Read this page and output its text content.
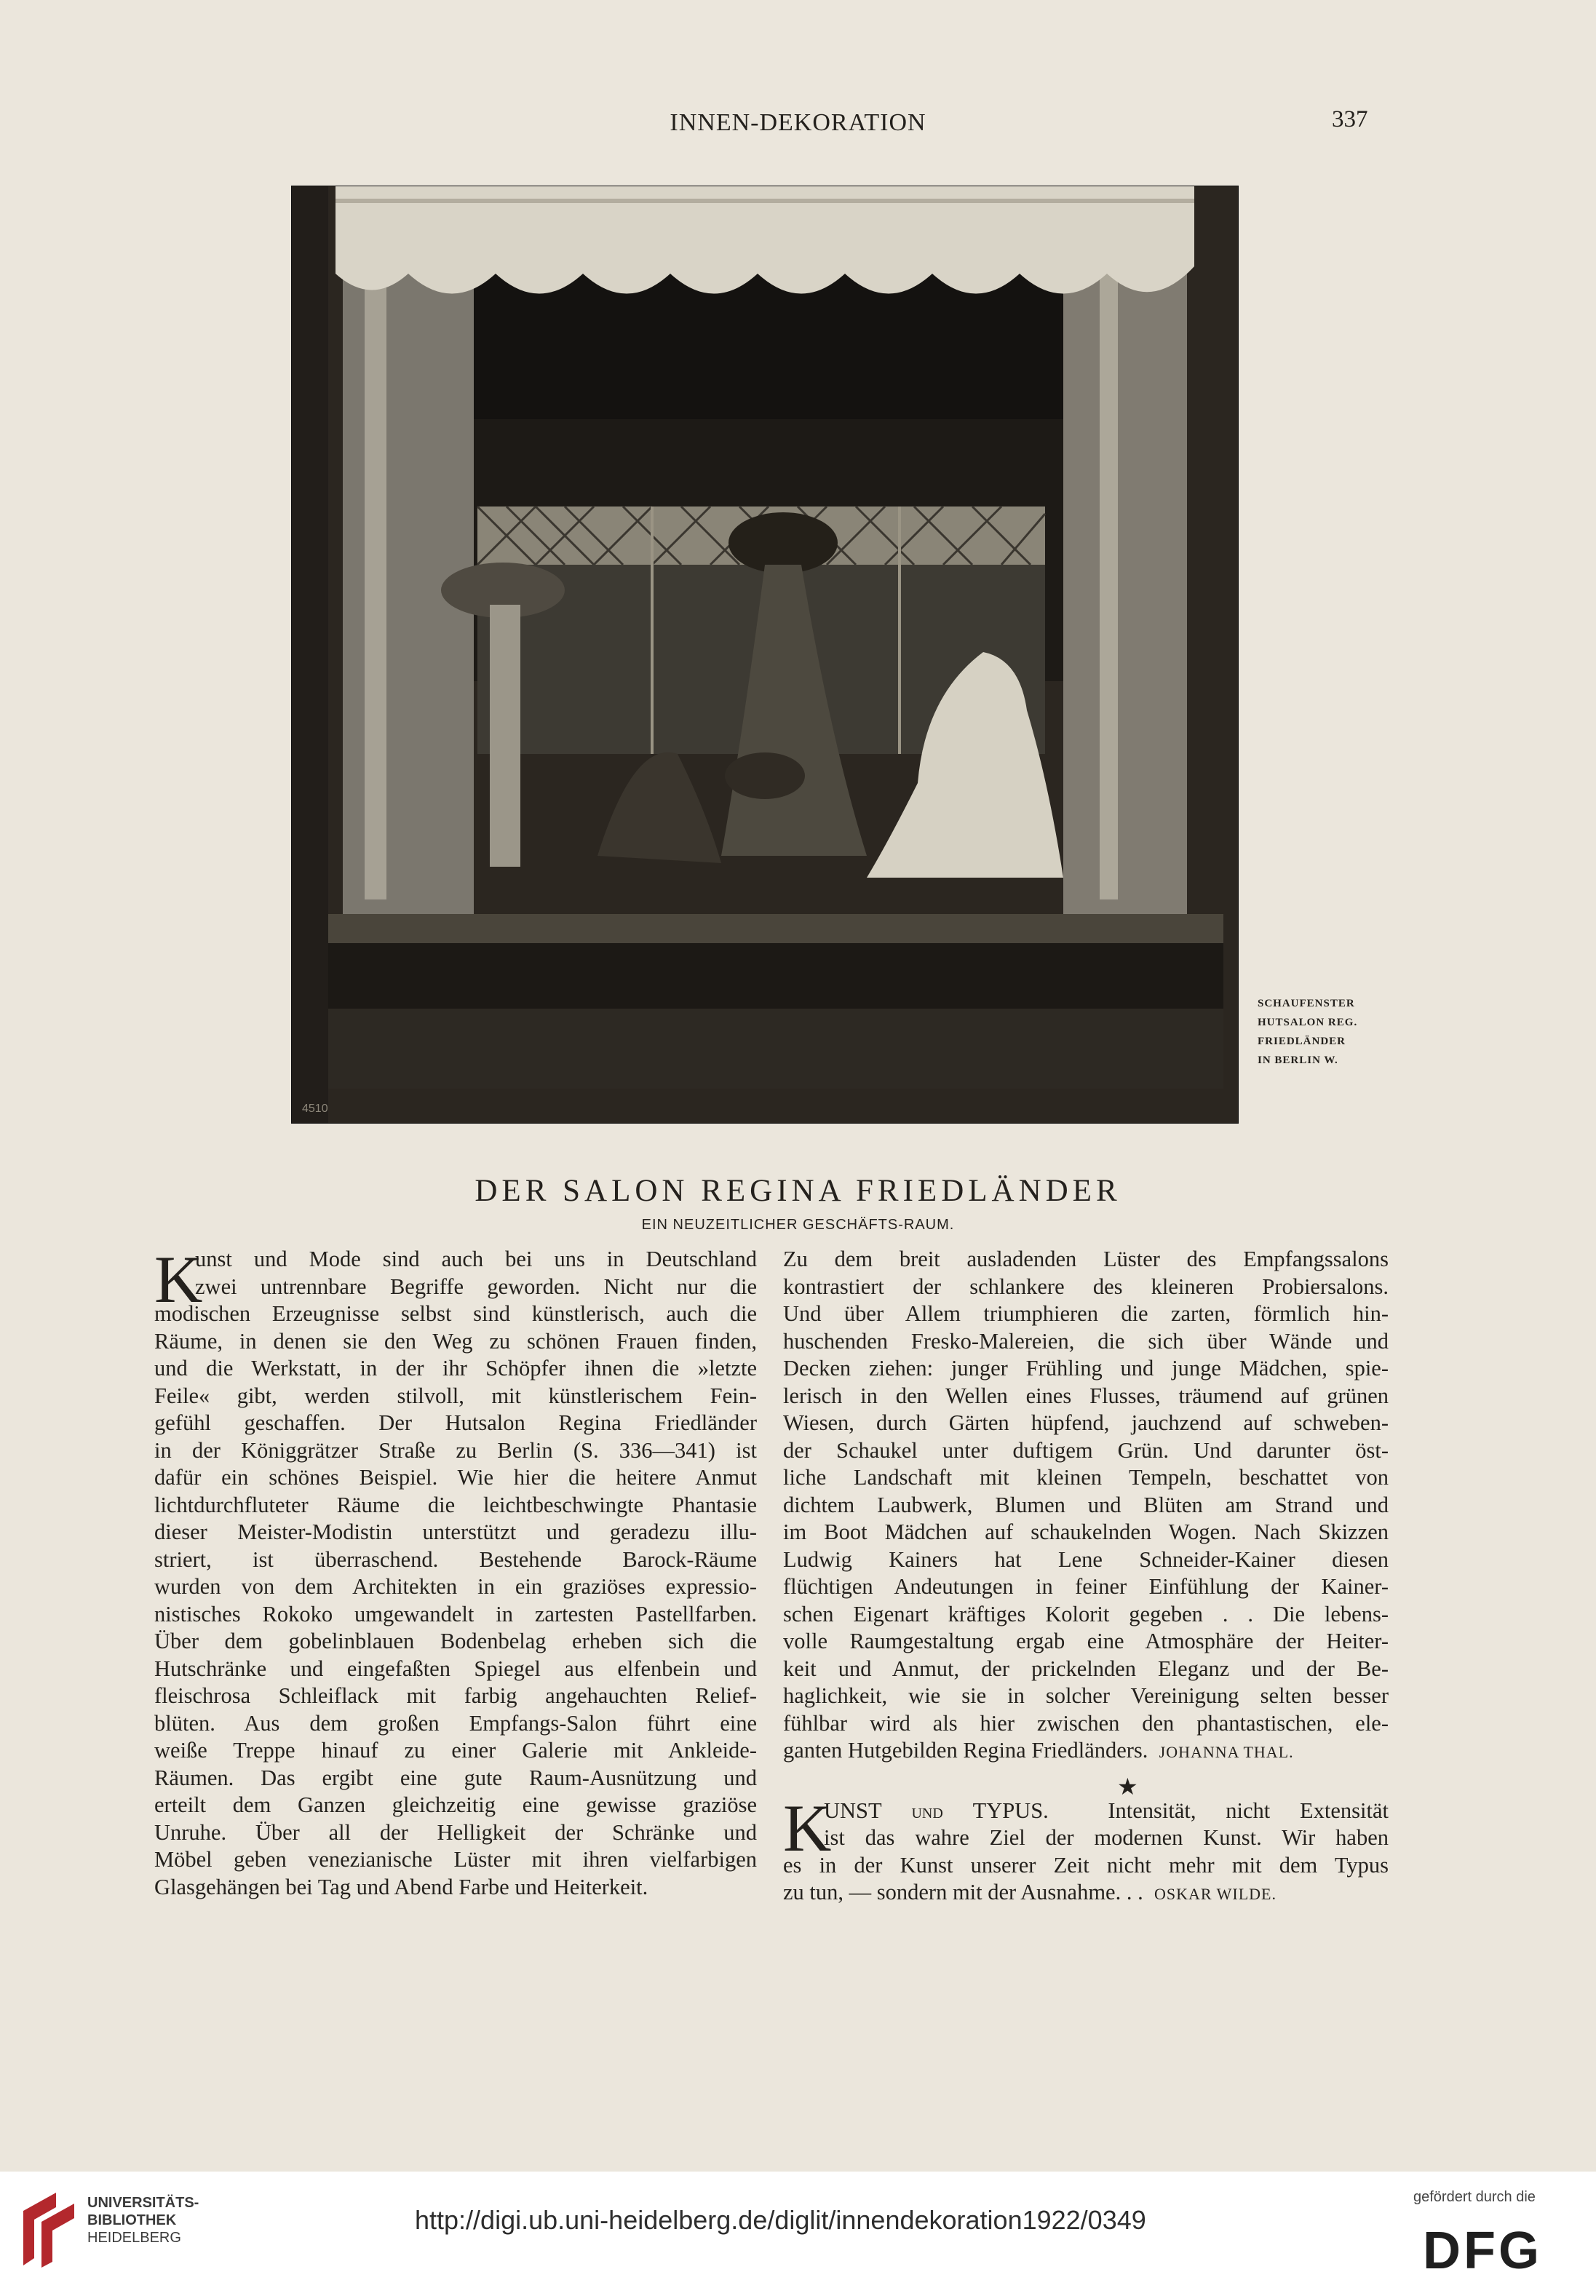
INNEN-DEKORATION	337
4510
SCHAUFENSTER
HUTSALON REG.
FRIEDLÄNDER
IN BERLIN W.
DER SALON REGINA FRIEDLÄNDER
EIN NEUZEITLICHER GESCHÄFTS-RAUM.
K
unst und Mode sind auch bei uns in Deutschland
zwei untrennbare Begriffe geworden. Nicht nur die
modischen Erzeugnisse selbst sind künstlerisch, auch die
Räume, in denen sie den Weg zu schönen Frauen finden,
und die Werkstatt, in der ihr Schöpfer ihnen die »letzte
Feile« gibt, werden stilvoll, mit künstlerischem Fein-
gefühl geschaffen. Der Hutsalon Regina Friedländer
in der Königgrätzer Straße zu Berlin (S. 336—341) ist
dafür ein schönes Beispiel. Wie hier die heitere Anmut
lichtdurchfluteter Räume die leichtbeschwingte Phantasie
dieser Meister-Modistin unterstützt und geradezu illu-
striert, ist überraschend. Bestehende Barock-Räume
wurden von dem Architekten in ein graziöses expressio-
nistisches Rokoko umgewandelt in zartesten Pastellfarben.
Über dem gobelinblauen Bodenbelag erheben sich die
Hutschränke und eingefaßten Spiegel aus elfenbein und
fleischrosa Schleiflack mit farbig angehauchten Relief-
blüten. Aus dem großen Empfangs-Salon führt eine
weiße Treppe hinauf zu einer Galerie mit Ankleide-
Räumen. Das ergibt eine gute Raum-Ausnützung und
erteilt dem Ganzen gleichzeitig eine gewisse graziöse
Unruhe. Über all der Helligkeit der Schränke und
Möbel geben venezianische Lüster mit ihren vielfarbigen
Glasgehängen bei Tag und Abend Farbe und Heiterkeit.
Zu dem breit ausladenden Lüster des Empfangssalons
kontrastiert der schlankere des kleineren Probiersalons.
Und über Allem triumphieren die zarten, förmlich hin-
huschenden Fresko-Malereien, die sich über Wände und
Decken ziehen: junger Frühling und junge Mädchen, spie-
lerisch in den Wellen eines Flusses, träumend auf grünen
Wiesen, durch Gärten hüpfend, jauchzend auf schweben-
der Schaukel unter duftigem Grün. Und darunter öst-
liche Landschaft mit kleinen Tempeln, beschattet von
dichtem Laubwerk, Blumen und Blüten am Strand und
im Boot Mädchen auf schaukelnden Wogen. Nach Skizzen
Ludwig Kainers hat Lene Schneider-Kainer diesen
flüchtigen Andeutungen in feiner Einfühlung der Kainer-
schen Eigenart kräftiges Kolorit gegeben . . Die lebens-
volle Raumgestaltung ergab eine Atmosphäre der Heiter-
keit und Anmut, der prickelnden Eleganz und der Be-
haglichkeit, wie sie in solcher Vereinigung selten besser
fühlbar wird als hier zwischen den phantastischen, ele-
ganten Hutgebilden Regina Friedländers. JOHANNA THAL.
K
UNST UND TYPUS.	Intensität, nicht Extensität
ist das wahre Ziel der modernen Kunst. Wir haben
es in der Kunst unserer Zeit nicht mehr mit dem Typus
zu tun, — sondern mit der Ausnahme. . . OSKAR WILDE.
★
UNIVERSITÄTS-
BIBLIOTHEK
HEIDELBERG
http://digi.ub.uni-heidelberg.de/diglit/innendekoration1922/0349
gefördert durch die
DFG
